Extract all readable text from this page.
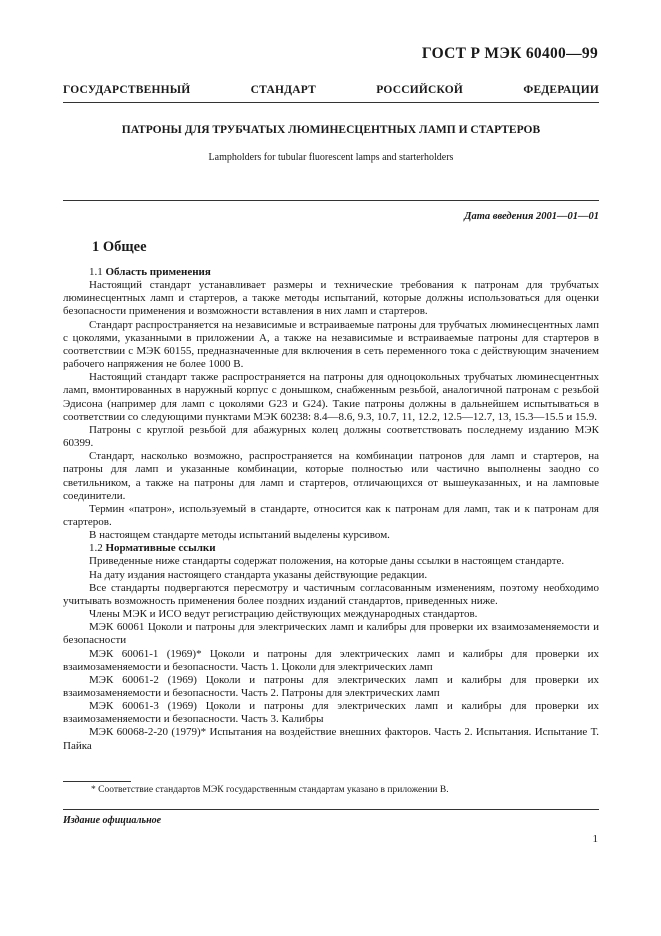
ГОСТ Р МЭК 60400—99
ГОСУДАРСТВЕННЫЙ СТАНДАРТ РОССИЙСКОЙ ФЕДЕРАЦИИ
ПАТРОНЫ ДЛЯ ТРУБЧАТЫХ ЛЮМИНЕСЦЕНТНЫХ ЛАМП И СТАРТЕРОВ
Lampholders for tubular fluorescent lamps and starterholders
Дата введения 2001—01—01
1 Общее

1.1 Область применения

Настоящий стандарт устанавливает размеры и технические требования к патронам для трубчатых люминесцентных ламп и стартеров, а также методы испытаний, которые должны использоваться для оценки безопасности применения и возможности вставления в них ламп и стартеров.

Стандарт распространяется на независимые и встраиваемые патроны для трубчатых люминесцентных ламп с цоколями, указанными в приложении А, а также на независимые и встраиваемые патроны для стартеров в соответствии с МЭК 60155, предназначенные для включения в сеть переменного тока с действующим значением рабочего напряжения не более 1000 В.

Настоящий стандарт также распространяется на патроны для одноцокольных трубчатых люминесцентных ламп, вмонтированных в наружный корпус с донышком, снабженным резьбой, аналогичной патронам с резьбой Эдисона (например для ламп с цоколями G23 и G24). Такие патроны должны в дальнейшем испытываться в соответствии со следующими пунктами МЭК 60238: 8.4—8.6, 9.3, 10.7, 11, 12.2, 12.5—12.7, 13, 15.3—15.5 и 15.9.

Патроны с круглой резьбой для абажурных колец должны соответствовать последнему изданию МЭК 60399.

Стандарт, насколько возможно, распространяется на комбинации патронов для ламп и стартеров, на патроны для ламп и указанные комбинации, которые полностью или частично выполнены заодно со светильником, а также на патроны для ламп и стартеров, отличающихся от вышеуказанных, и на ламповые соединители.

Термин «патрон», используемый в стандарте, относится как к патронам для ламп, так и к патронам для стартеров.

В настоящем стандарте методы испытаний выделены курсивом.

1.2 Нормативные ссылки

Приведенные ниже стандарты содержат положения, на которые даны ссылки в настоящем стандарте.

На дату издания настоящего стандарта указаны действующие редакции.

Все стандарты подвергаются пересмотру и частичным согласованным изменениям, поэтому необходимо учитывать возможность применения более поздних изданий стандартов, приведенных ниже.

Члены МЭК и ИСО ведут регистрацию действующих международных стандартов.

МЭК 60061 Цоколи и патроны для электрических ламп и калибры для проверки их взаимозаменяемости и безопасности

МЭК 60061-1 (1969)* Цоколи и патроны для электрических ламп и калибры для проверки их взаимозаменяемости и безопасности. Часть 1. Цоколи для электрических ламп

МЭК 60061-2 (1969) Цоколи и патроны для электрических ламп и калибры для проверки их взаимозаменяемости и безопасности. Часть 2. Патроны для электрических ламп

МЭК 60061-3 (1969) Цоколи и патроны для электрических ламп и калибры для проверки их взаимозаменяемости и безопасности. Часть 3. Калибры

МЭК 60068-2-20 (1979)* Испытания на воздействие внешних факторов. Часть 2. Испытания. Испытание Т. Пайка

* Соответствие стандартов МЭК государственным стандартам указано в приложении В.
Издание официальное
1
